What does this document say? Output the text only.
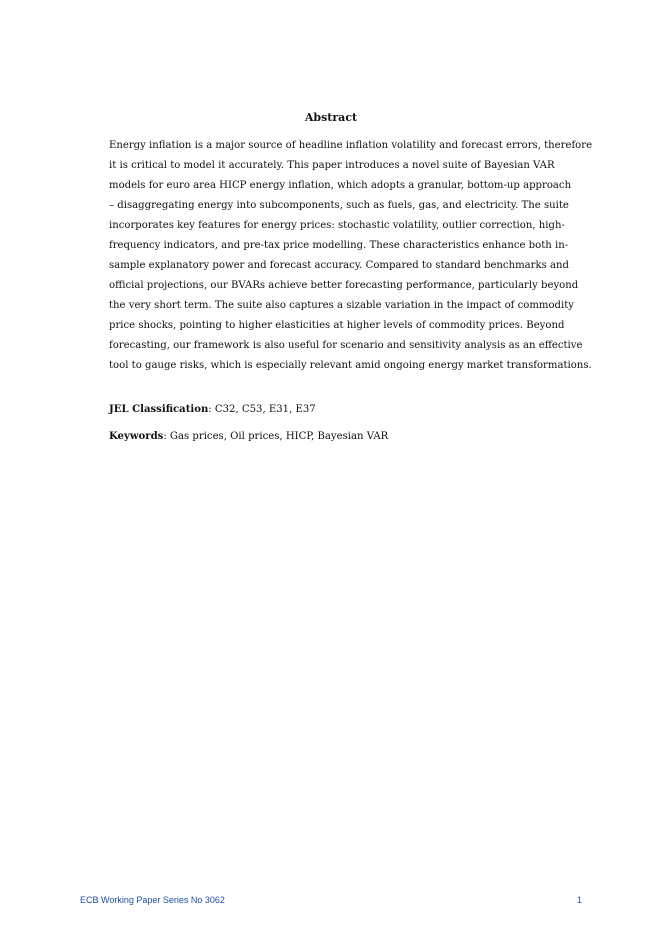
Abstract
Energy inflation is a major source of headline inflation volatility and forecast errors, therefore
it is critical to model it accurately. This paper introduces a novel suite of Bayesian VAR
models for euro area HICP energy inflation, which adopts a granular, bottom-up approach
– disaggregating energy into subcomponents, such as fuels, gas, and electricity. The suite
incorporates key features for energy prices: stochastic volatility, outlier correction, high-
frequency indicators, and pre-tax price modelling. These characteristics enhance both in-
sample explanatory power and forecast accuracy. Compared to standard benchmarks and
official projections, our BVARs achieve better forecasting performance, particularly beyond
the very short term. The suite also captures a sizable variation in the impact of commodity
price shocks, pointing to higher elasticities at higher levels of commodity prices. Beyond
forecasting, our framework is also useful for scenario and sensitivity analysis as an effective
tool to gauge risks, which is especially relevant amid ongoing energy market transformations.
JEL Classification: C32, C53, E31, E37
Keywords: Gas prices, Oil prices, HICP, Bayesian VAR
ECB Working Paper Series No 3062	1
